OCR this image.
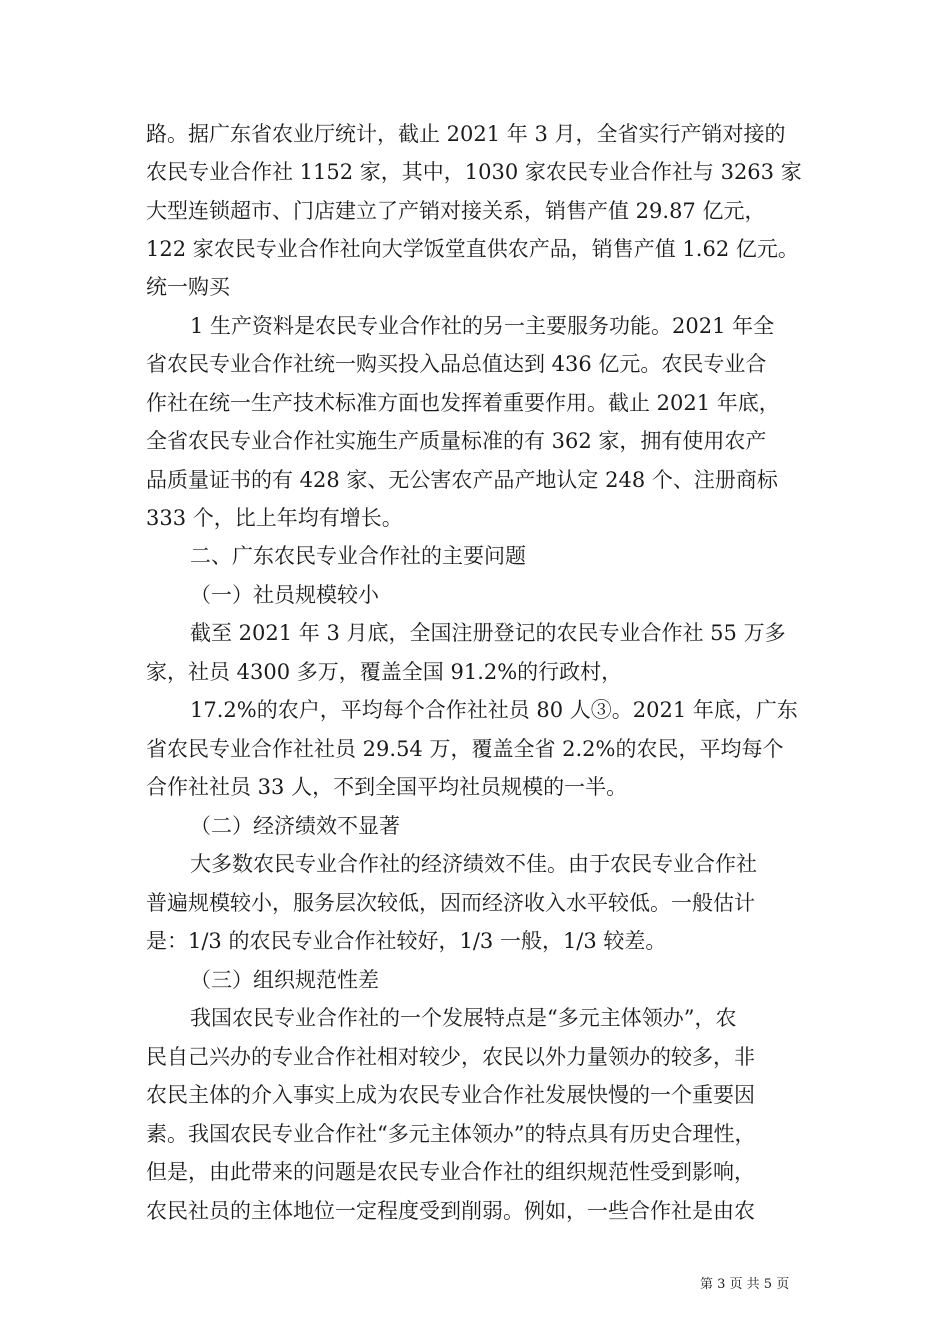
路。据广东省农业厅统计，截止 2021 年 3 月，全省实行产销对接的
农民专业合作社 1152 家，其中，1030 家农民专业合作社与 3263 家
大型连锁超市、门店建立了产销对接关系，销售产值 29.87 亿元，
122 家农民专业合作社向大学饭堂直供农产品，销售产值 1.62 亿元。
统一购买
1 生产资料是农民专业合作社的另一主要服务功能。2021 年全
省农民专业合作社统一购买投入品总值达到 436 亿元。农民专业合
作社在统一生产技术标准方面也发挥着重要作用。截止 2021 年底，
全省农民专业合作社实施生产质量标准的有 362 家，拥有使用农产
品质量证书的有 428 家、无公害农产品产地认定 248 个、注册商标
333 个，比上年均有增长。
二、广东农民专业合作社的主要问题
（一）社员规模较小
截至 2021 年 3 月底，全国注册登记的农民专业合作社 55 万多
家，社员 4300 多万，覆盖全国 91.2%的行政村，
17.2%的农户，平均每个合作社社员 80 人③。2021 年底，广东
省农民专业合作社社员 29.54 万，覆盖全省 2.2%的农民，平均每个
合作社社员 33 人，不到全国平均社员规模的一半。
（二）经济绩效不显著
大多数农民专业合作社的经济绩效不佳。由于农民专业合作社
普遍规模较小，服务层次较低，因而经济收入水平较低。一般估计
是：1/3 的农民专业合作社较好，1/3 一般，1/3 较差。
（三）组织规范性差
我国农民专业合作社的一个发展特点是“多元主体领办”，农
民自己兴办的专业合作社相对较少，农民以外力量领办的较多，非
农民主体的介入事实上成为农民专业合作社发展快慢的一个重要因
素。我国农民专业合作社“多元主体领办”的特点具有历史合理性，
但是，由此带来的问题是农民专业合作社的组织规范性受到影响，
农民社员的主体地位一定程度受到削弱。例如，一些合作社是由农
第 3 页 共 5 页
